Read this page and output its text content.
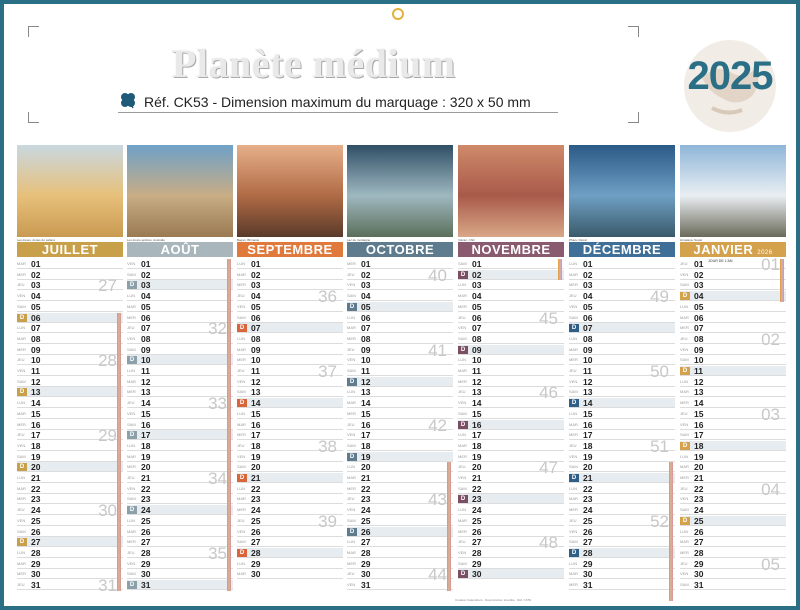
Planète médium
Réf. CK53 - Dimension maximum du marquage : 320 x 50 mm
2025
Les dunes, dunes du sahara
JUILLET
MAR 01
MER 02
JEU 03
VEN 04
SAM 05
D 06
LUN 07
MAR 08
MER 09
JEU 10
VEN 11
SAM 12
D 13
LUN 14
MAR 15
MER 16
JEU 17
VEN 18
SAM 19
D 20
LUN 21
MAR 22
MER 23
JEU 24
VEN 25
SAM 26
D 27
LUN 28
MAR 29
MER 30
JEU 31
27
28
29
30
31
Les douze apôtres, Australie
AOÛT
VEN 01
SAM 02
D 03
LUN 04
MAR 05
MER 06
JEU 07
VEN 08
SAM 09
D 10
LUN 11
MAR 12
MER 13
JEU 14
VEN 15
SAM 16
D 17
LUN 18
MAR 19
MER 20
JEU 21
VEN 22
SAM 23
D 24
LUN 25
MAR 26
MER 27
JEU 28
VEN 29
SAM 30
D 31
32
33
34
35
Bagan, Birmanie
SEPTEMBRE
LUN 01
MAR 02
MER 03
JEU 04
VEN 05
SAM 06
D 07
LUN 08
MAR 09
MER 10
JEU 11
VEN 12
SAM 13
D 14
LUN 15
MAR 16
MER 17
JEU 18
VEN 19
SAM 20
D 21
LUN 22
MAR 23
MER 24
JEU 25
VEN 26
SAM 27
D 28
LUN 29
MAR 30
36
37
38
39
Lac de montagne
OCTOBRE
MER 01
JEU 02
VEN 03
SAM 04
D 05
LUN 06
MAR 07
MER 08
JEU 09
VEN 10
SAM 11
D 12
LUN 13
MAR 14
MER 15
JEU 16
VEN 17
SAM 18
D 19
LUN 20
MAR 21
MER 22
JEU 23
VEN 24
SAM 25
D 26
LUN 27
MAR 28
MER 29
JEU 30
VEN 31
40
41
42
43
44
Volcan, Chili
NOVEMBRE
SAM 01
D 02
LUN 03
MAR 04
MER 05
JEU 06
VEN 07
SAM 08
D 09
LUN 10
MAR 11
MER 12
JEU 13
VEN 14
SAM 15
D 16
LUN 17
MAR 18
MER 19
JEU 20
VEN 21
SAM 22
D 23
LUN 24
MAR 25
MER 26
JEU 27
VEN 28
SAM 29
D 30
45
46
47
48
Phare, littoral
DÉCEMBRE
LUN 01
MAR 02
MER 03
JEU 04
VEN 05
SAM 06
D 07
LUN 08
MAR 09
MER 10
JEU 11
VEN 12
SAM 13
D 14
LUN 15
MAR 16
MER 17
JEU 18
VEN 19
SAM 20
D 21
LUN 22
MAR 23
MER 24
JEU 25
VEN 26
SAM 27
D 28
LUN 29
MAR 30
MER 31
49
50
51
52
Himalaya, Népal
JANVIER 2026
JEU 01 JOUR DE L'AN
VEN 02
SAM 03
D 04
LUN 05
MAR 06
MER 07
JEU 08
VEN 09
SAM 10
D 11
LUN 12
MAR 13
MER 14
JEU 15
VEN 16
SAM 17
D 18
LUN 19
MAR 20
MER 21
JEU 22
VEN 23
SAM 24
D 25
LUN 26
MAR 27
MER 28
JEU 29
VEN 30
SAM 31
01
02
03
04
05
Création Calendriers - Reproduction interdite - Réf. CK53
